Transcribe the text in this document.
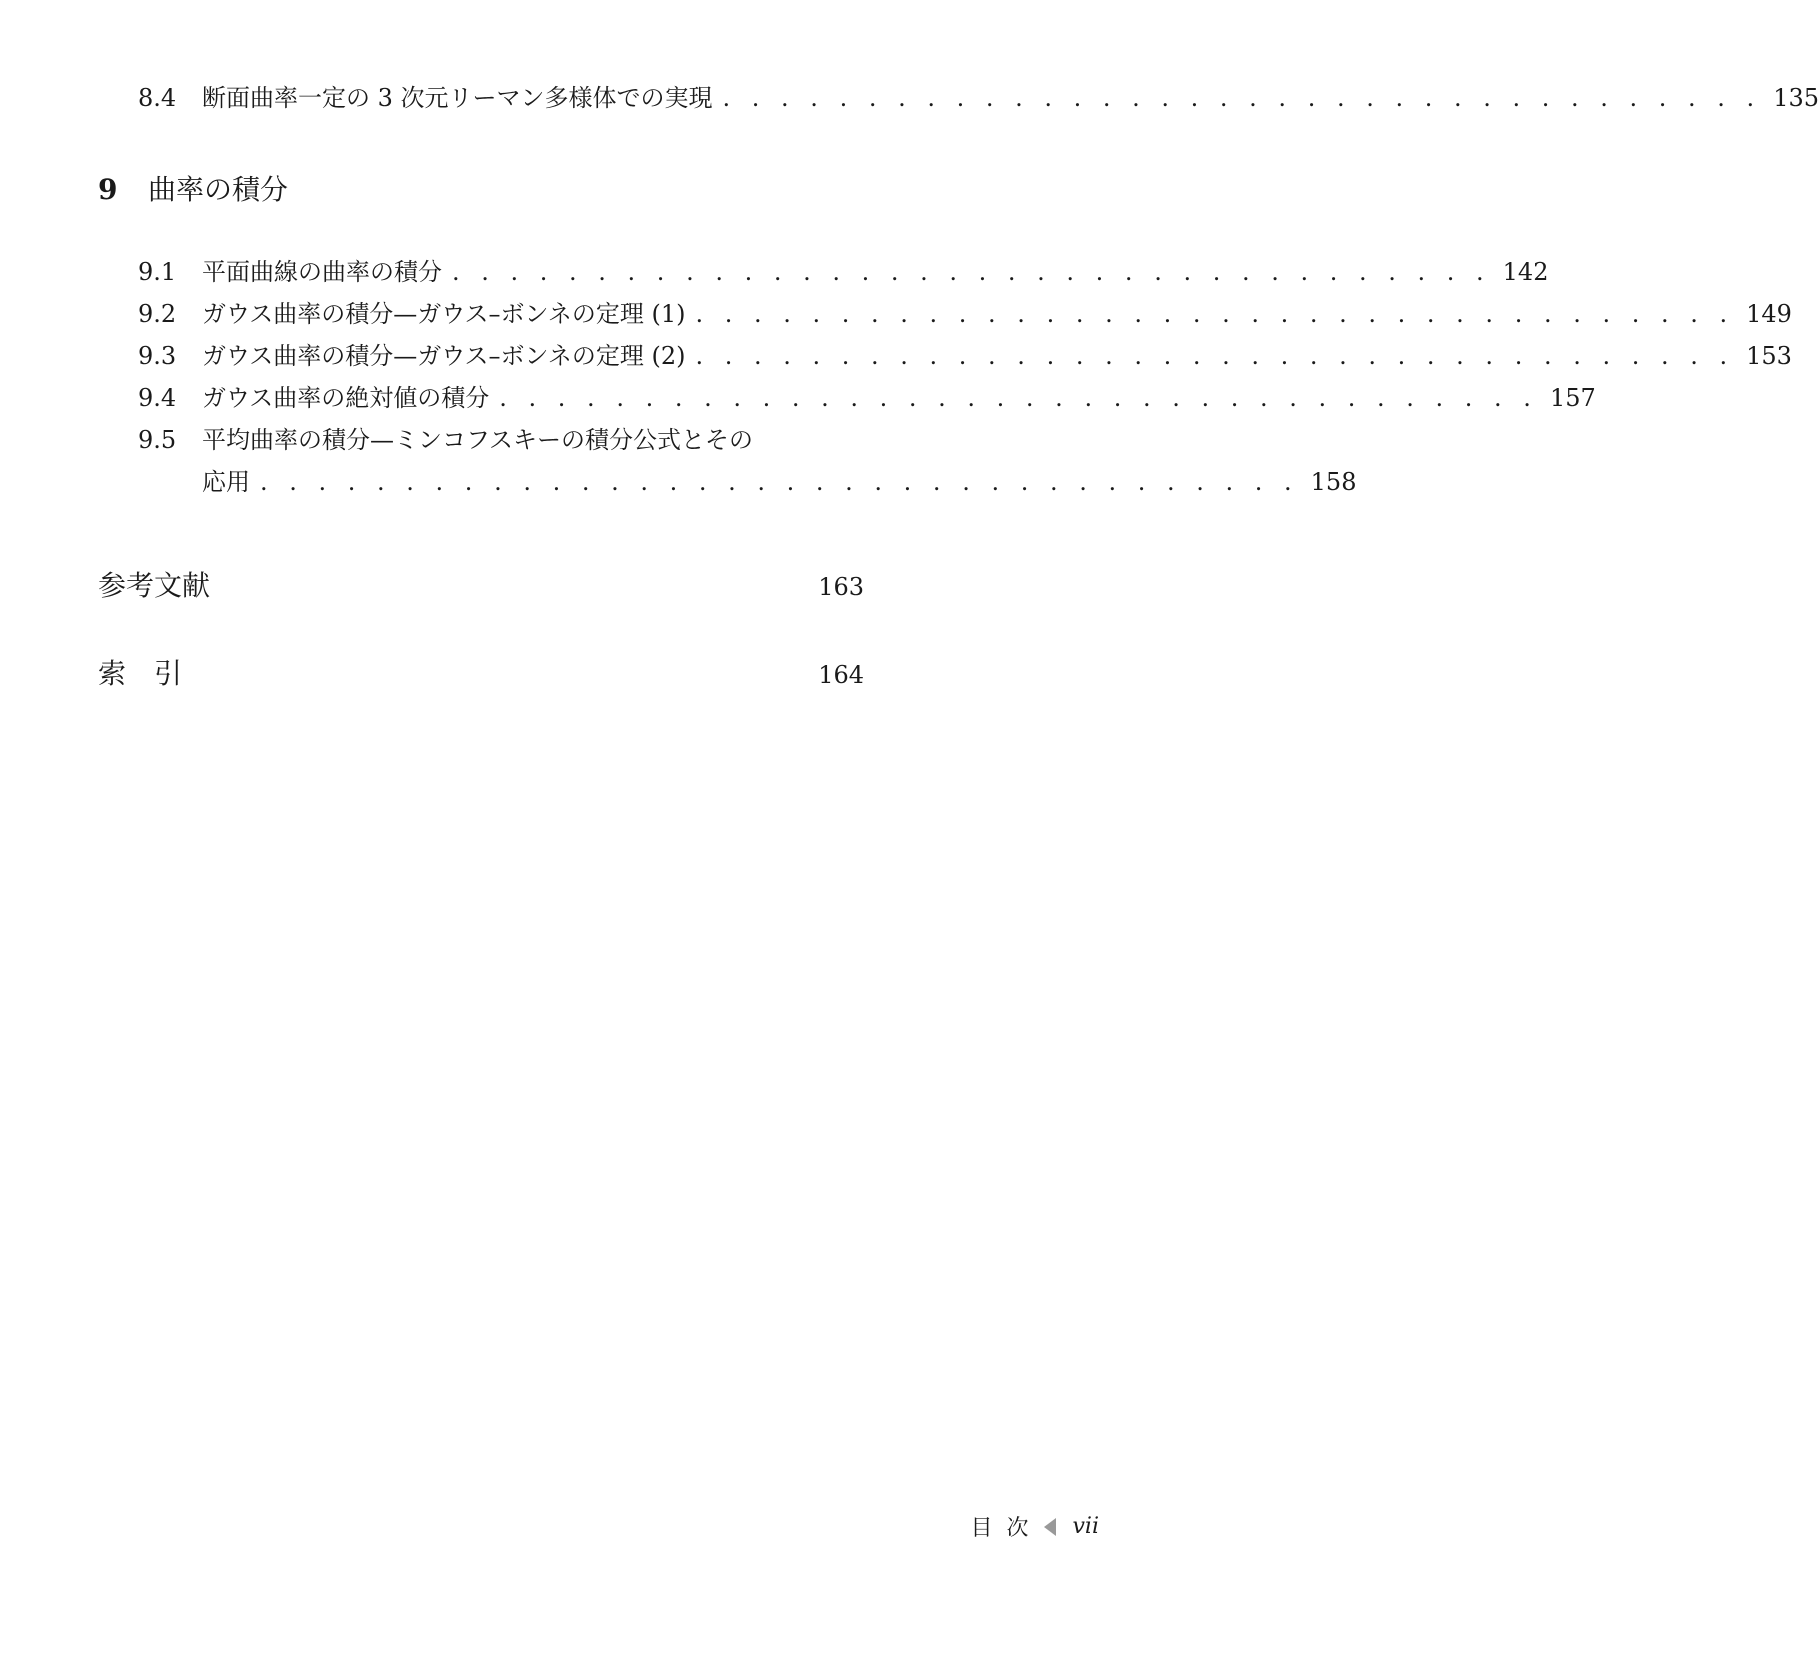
8.4	断面曲率一定の 3 次元リーマン多様体での実現 . . . . . . . . . . . . . . . . . . . . . . . . . . . . . . . . . . . . 135
9	曲率の積分
9.1	平面曲線の曲率の積分 . . . . . . . . . . . . . . . . . . . . . . . . . . . . . . . . . . . . 142
9.2	ガウス曲率の積分—ガウス–ボンネの定理 (1) . . . . . . . . . . . . . . . . . . . . . . . . . . . . . . . . . . . . 149
9.3	ガウス曲率の積分—ガウス–ボンネの定理 (2) . . . . . . . . . . . . . . . . . . . . . . . . . . . . . . . . . . . . 153
9.4	ガウス曲率の絶対値の積分 . . . . . . . . . . . . . . . . . . . . . . . . . . . . . . . . . . . . 157
9.5	平均曲率の積分—ミンコフスキーの積分公式とその
応用 . . . . . . . . . . . . . . . . . . . . . . . . . . . . . . . . . . . . 158
参考文献	163
索　引	164
目次 vii
